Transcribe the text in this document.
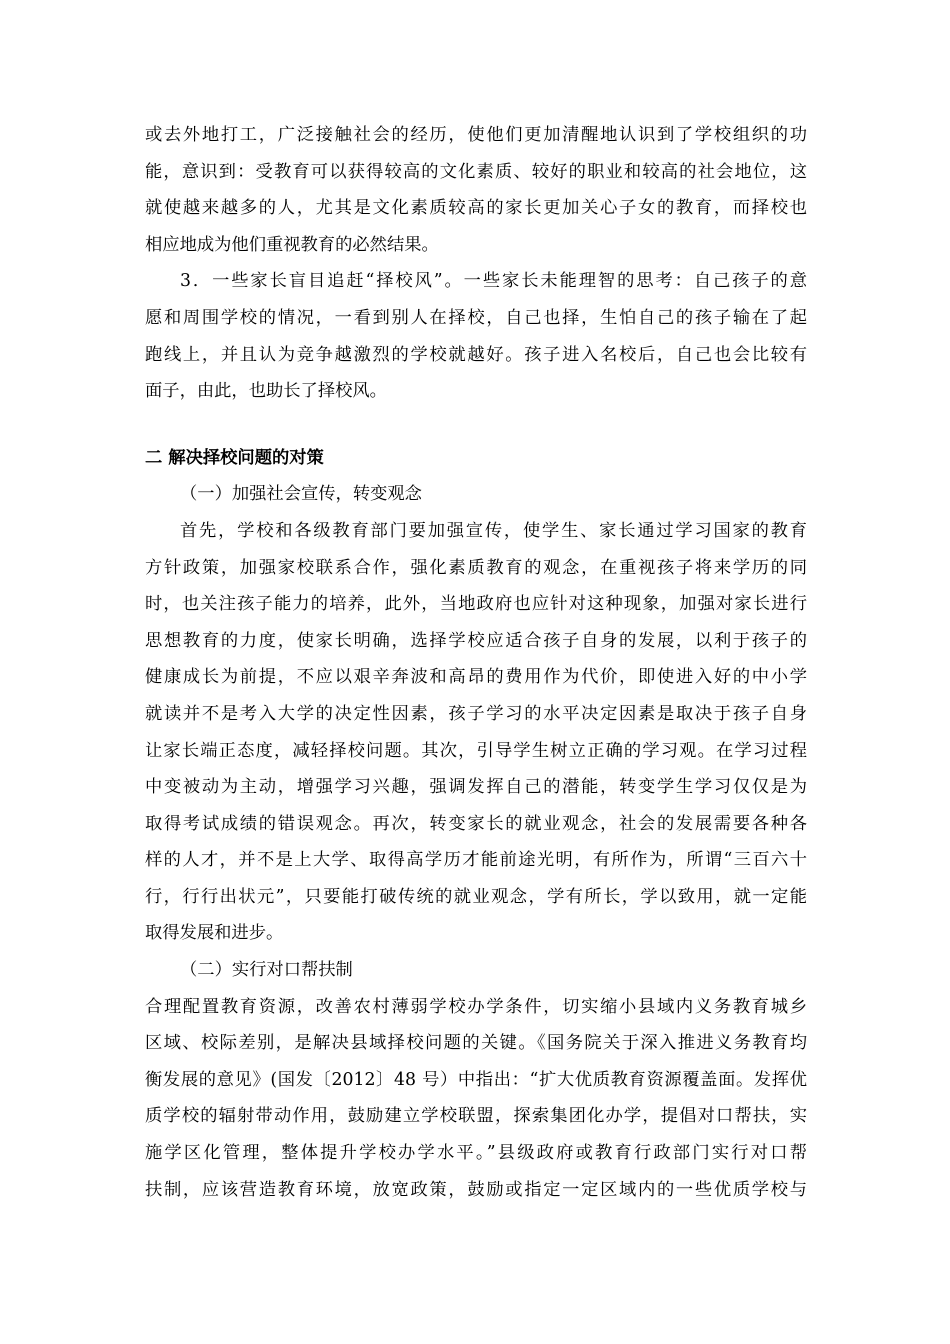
或去外地打工，广泛接触社会的经历，使他们更加清醒地认识到了学校组织的功
能，意识到：受教育可以获得较高的文化素质、较好的职业和较高的社会地位，这
就使越来越多的人，尤其是文化素质较高的家长更加关心子女的教育，而择校也
相应地成为他们重视教育的必然结果。
3．一些家长盲目追赶“择校风”。一些家长未能理智的思考：自己孩子的意
愿和周围学校的情况，一看到别人在择校，自己也择，生怕自己的孩子输在了起
跑线上，并且认为竞争越激烈的学校就越好。孩子进入名校后，自己也会比较有
面子，由此，也助长了择校风。
二 解决择校问题的对策
（一）加强社会宣传，转变观念
首先，学校和各级教育部门要加强宣传，使学生、家长通过学习国家的教育
方针政策，加强家校联系合作，强化素质教育的观念，在重视孩子将来学历的同
时，也关注孩子能力的培养，此外，当地政府也应针对这种现象，加强对家长进行
思想教育的力度，使家长明确，选择学校应适合孩子自身的发展，以利于孩子的
健康成长为前提，不应以艰辛奔波和高昂的费用作为代价，即使进入好的中小学
就读并不是考入大学的决定性因素，孩子学习的水平决定因素是取决于孩子自身
让家长端正态度，减轻择校问题。其次，引导学生树立正确的学习观。在学习过程
中变被动为主动，增强学习兴趣，强调发挥自己的潜能，转变学生学习仅仅是为
取得考试成绩的错误观念。再次，转变家长的就业观念，社会的发展需要各种各
样的人才，并不是上大学、取得高学历才能前途光明，有所作为，所谓“三百六十
行，行行出状元”，只要能打破传统的就业观念，学有所长，学以致用，就一定能
取得发展和进步。
（二）实行对口帮扶制
合理配置教育资源，改善农村薄弱学校办学条件，切实缩小县域内义务教育城乡
区域、校际差别，是解决县域择校问题的关键。《国务院关于深入推进义务教育均
衡发展的意见》(国发〔2012〕48 号）中指出：“扩大优质教育资源覆盖面。发挥优
质学校的辐射带动作用，鼓励建立学校联盟，探索集团化办学，提倡对口帮扶，实
施学区化管理，整体提升学校办学水平。”县级政府或教育行政部门实行对口帮
扶制，应该营造教育环境，放宽政策，鼓励或指定一定区域内的一些优质学校与
